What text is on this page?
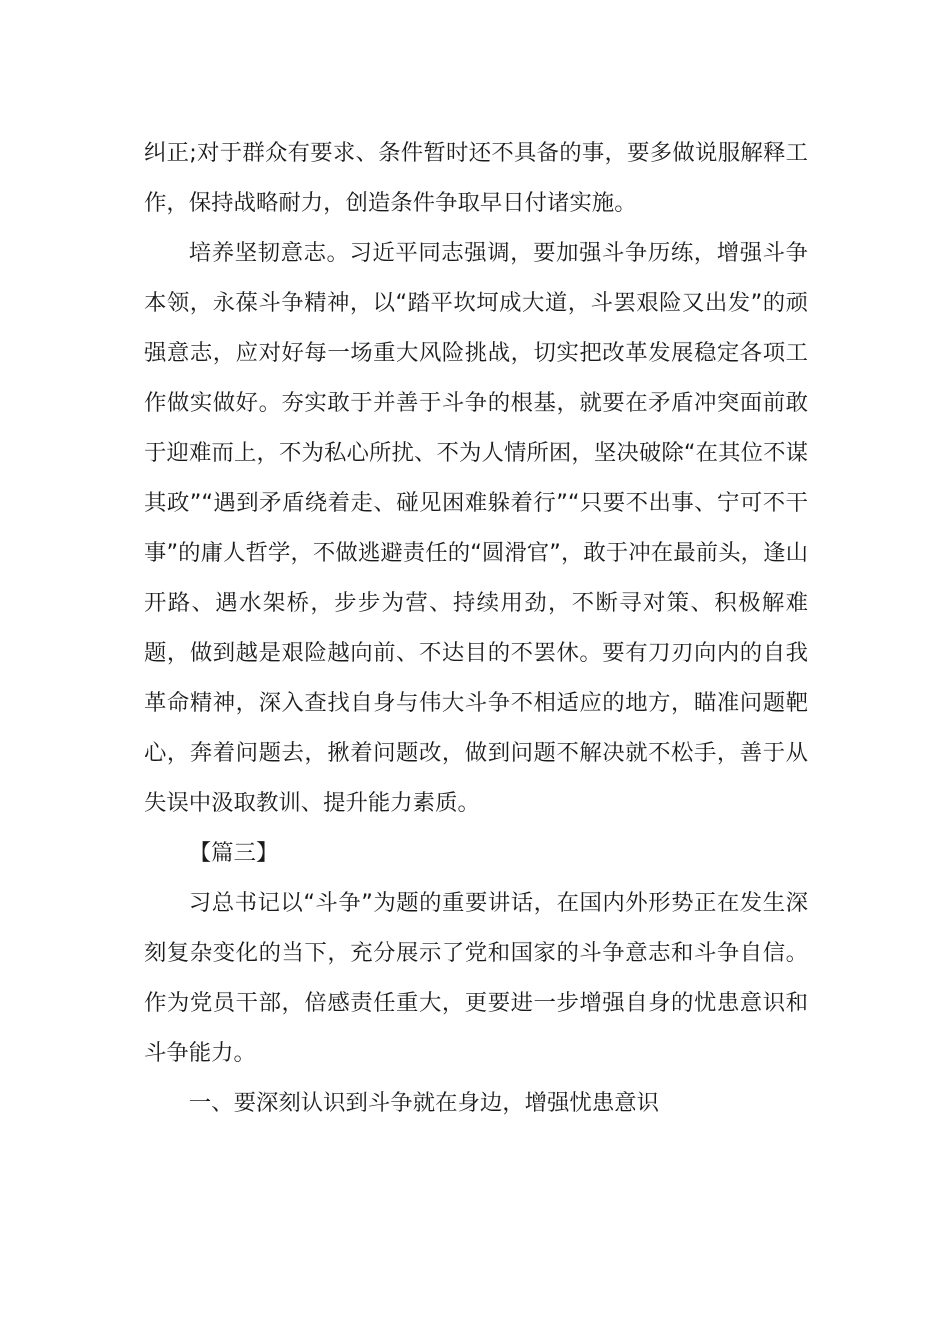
纠正;对于群众有要求、条件暂时还不具备的事，要多做说服解释工作，保持战略耐力，创造条件争取早日付诸实施。

培养坚韧意志。习近平同志强调，要加强斗争历练，增强斗争本领，永葆斗争精神，以“踏平坎坷成大道，斗罢艰险又出发”的顽强意志，应对好每一场重大风险挑战，切实把改革发展稳定各项工作做实做好。夯实敢于并善于斗争的根基，就要在矛盾冲突面前敢于迎难而上，不为私心所扰、不为人情所困，坚决破除“在其位不谋其政”“遇到矛盾绕着走、碰见困难躲着行”“只要不出事、宁可不干事”的庸人哲学，不做逃避责任的“圆滑官”，敢于冲在最前头，逢山开路、遇水架桥，步步为营、持续用劲，不断寻对策、积极解难题，做到越是艰险越向前、不达目的不罢休。要有刀刃向内的自我革命精神，深入查找自身与伟大斗争不相适应的地方，瞄准问题靶心，奔着问题去，揪着问题改，做到问题不解决就不松手，善于从失误中汲取教训、提升能力素质。

【篇三】

习总书记以“斗争”为题的重要讲话，在国内外形势正在发生深刻复杂变化的当下，充分展示了党和国家的斗争意志和斗争自信。作为党员干部，倍感责任重大，更要进一步增强自身的忧患意识和斗争能力。

一、要深刻认识到斗争就在身边，增强忧患意识
